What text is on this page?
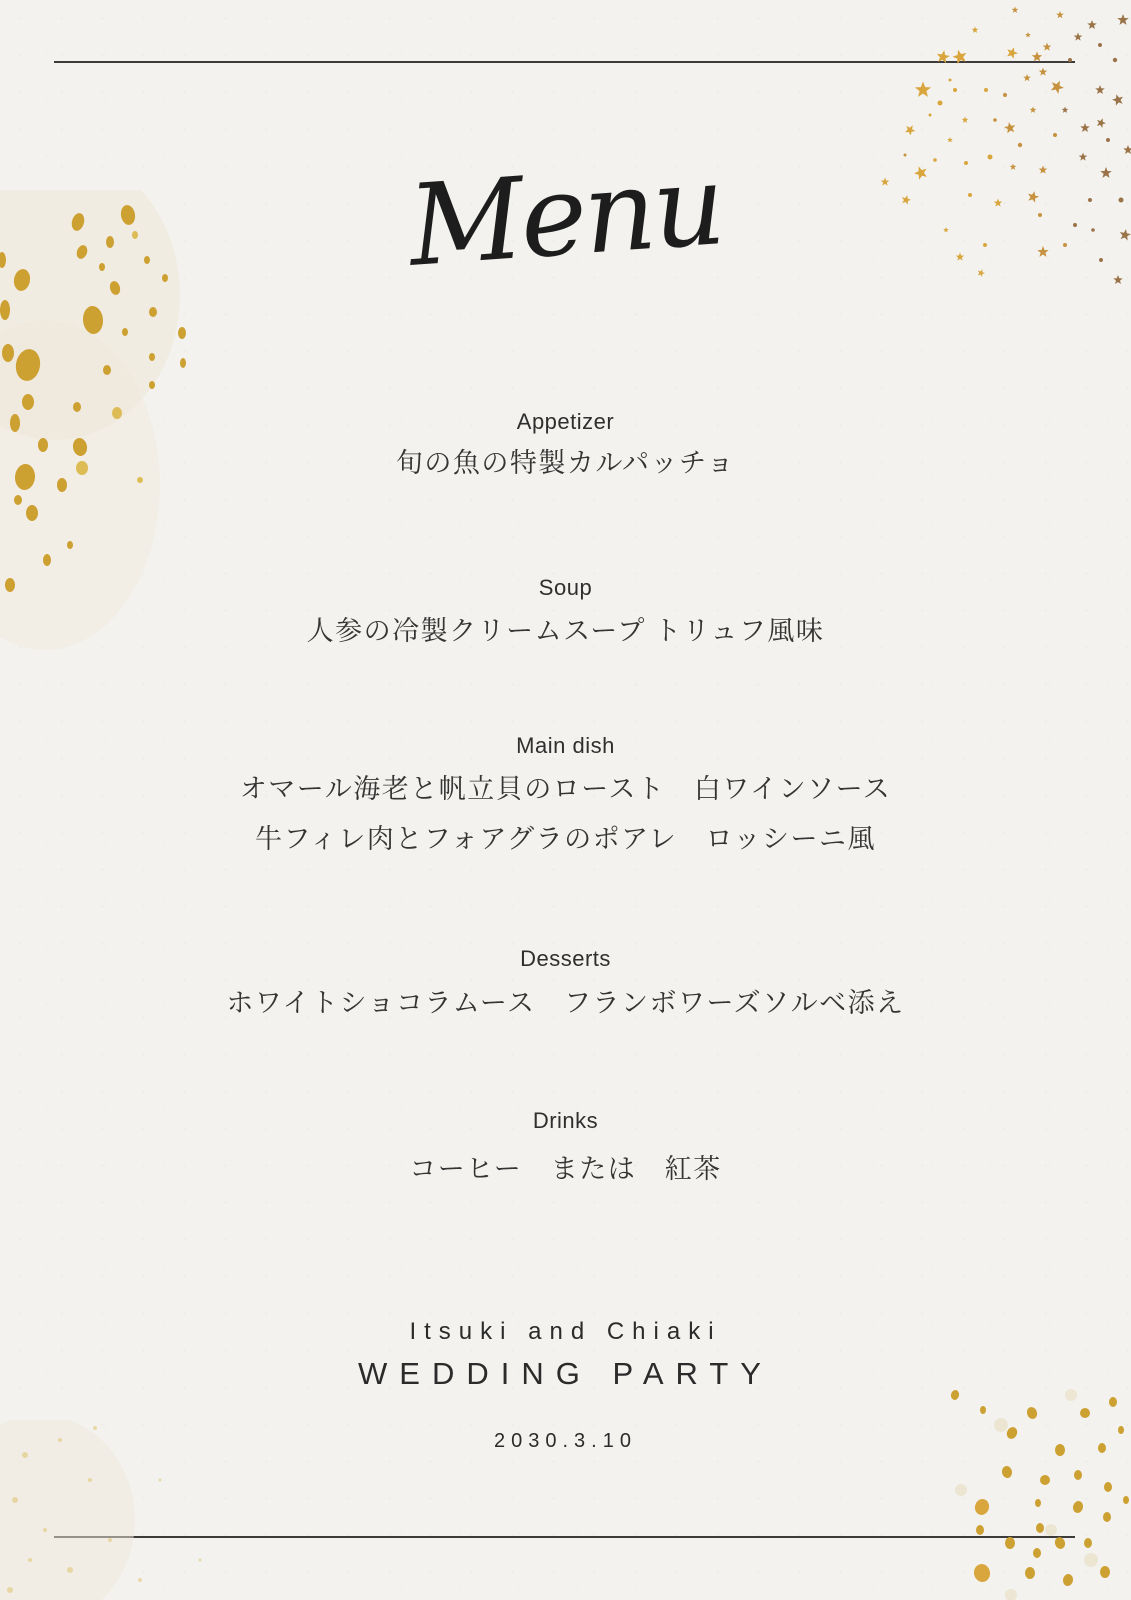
Menu
Appetizer
旬の魚の特製カルパッチョ
Soup
人参の冷製クリームスープ トリュフ風味
Main dish
オマール海老と帆立貝のロースト　白ワインソース
牛フィレ肉とフォアグラのポアレ　ロッシーニ風
Desserts
ホワイトショコラムース　フランボワーズソルベ添え
Drinks
コーヒー　または　紅茶
Itsuki and Chiaki
WEDDING PARTY
2030.3.10
